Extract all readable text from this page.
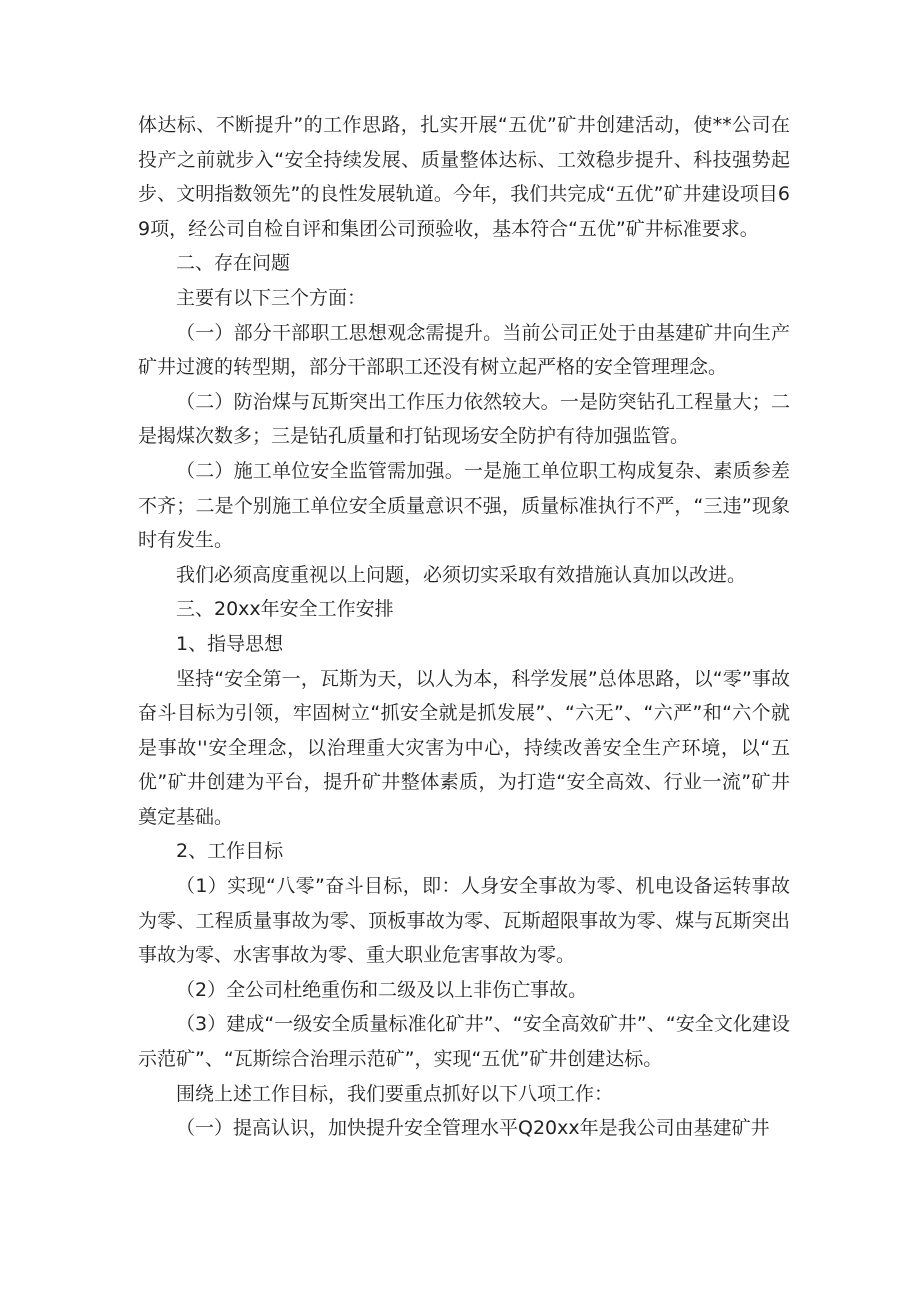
体达标、不断提升”的工作思路，扎实开展“五优”矿井创建活动，使**公司在投产之前就步入“安全持续发展、质量整体达标、工效稳步提升、科技强势起步、文明指数领先”的良性发展轨道。今年，我们共完成“五优”矿井建设项目69项，经公司自检自评和集团公司预验收，基本符合“五优”矿井标准要求。

二、存在问题

主要有以下三个方面：

（一）部分干部职工思想观念需提升。当前公司正处于由基建矿井向生产矿井过渡的转型期，部分干部职工还没有树立起严格的安全管理理念。

（二）防治煤与瓦斯突出工作压力依然较大。一是防突钻孔工程量大；二是揭煤次数多；三是钻孔质量和打钻现场安全防护有待加强监管。

（二）施工单位安全监管需加强。一是施工单位职工构成复杂、素质参差不齐；二是个别施工单位安全质量意识不强，质量标准执行不严，“三违”现象时有发生。

我们必须高度重视以上问题，必须切实采取有效措施认真加以改进。

三、20xx年安全工作安排

1、指导思想

坚持“安全第一，瓦斯为天，以人为本，科学发展”总体思路，以“零”事故奋斗目标为引领，牢固树立“抓安全就是抓发展”、“六无”、“六严”和“六个就是事故''安全理念，以治理重大灾害为中心，持续改善安全生产环境，以“五优”矿井创建为平台，提升矿井整体素质，为打造“安全高效、行业一流”矿井奠定基础。

2、工作目标

（1）实现“八零”奋斗目标，即：人身安全事故为零、机电设备运转事故为零、工程质量事故为零、顶板事故为零、瓦斯超限事故为零、煤与瓦斯突出事故为零、水害事故为零、重大职业危害事故为零。

（2）全公司杜绝重伤和二级及以上非伤亡事故。

（3）建成“一级安全质量标准化矿井”、“安全高效矿井”、“安全文化建设示范矿”、“瓦斯综合治理示范矿”，实现“五优”矿井创建达标。

围绕上述工作目标，我们要重点抓好以下八项工作：

（一）提高认识，加快提升安全管理水平Q20xx年是我公司由基建矿井
